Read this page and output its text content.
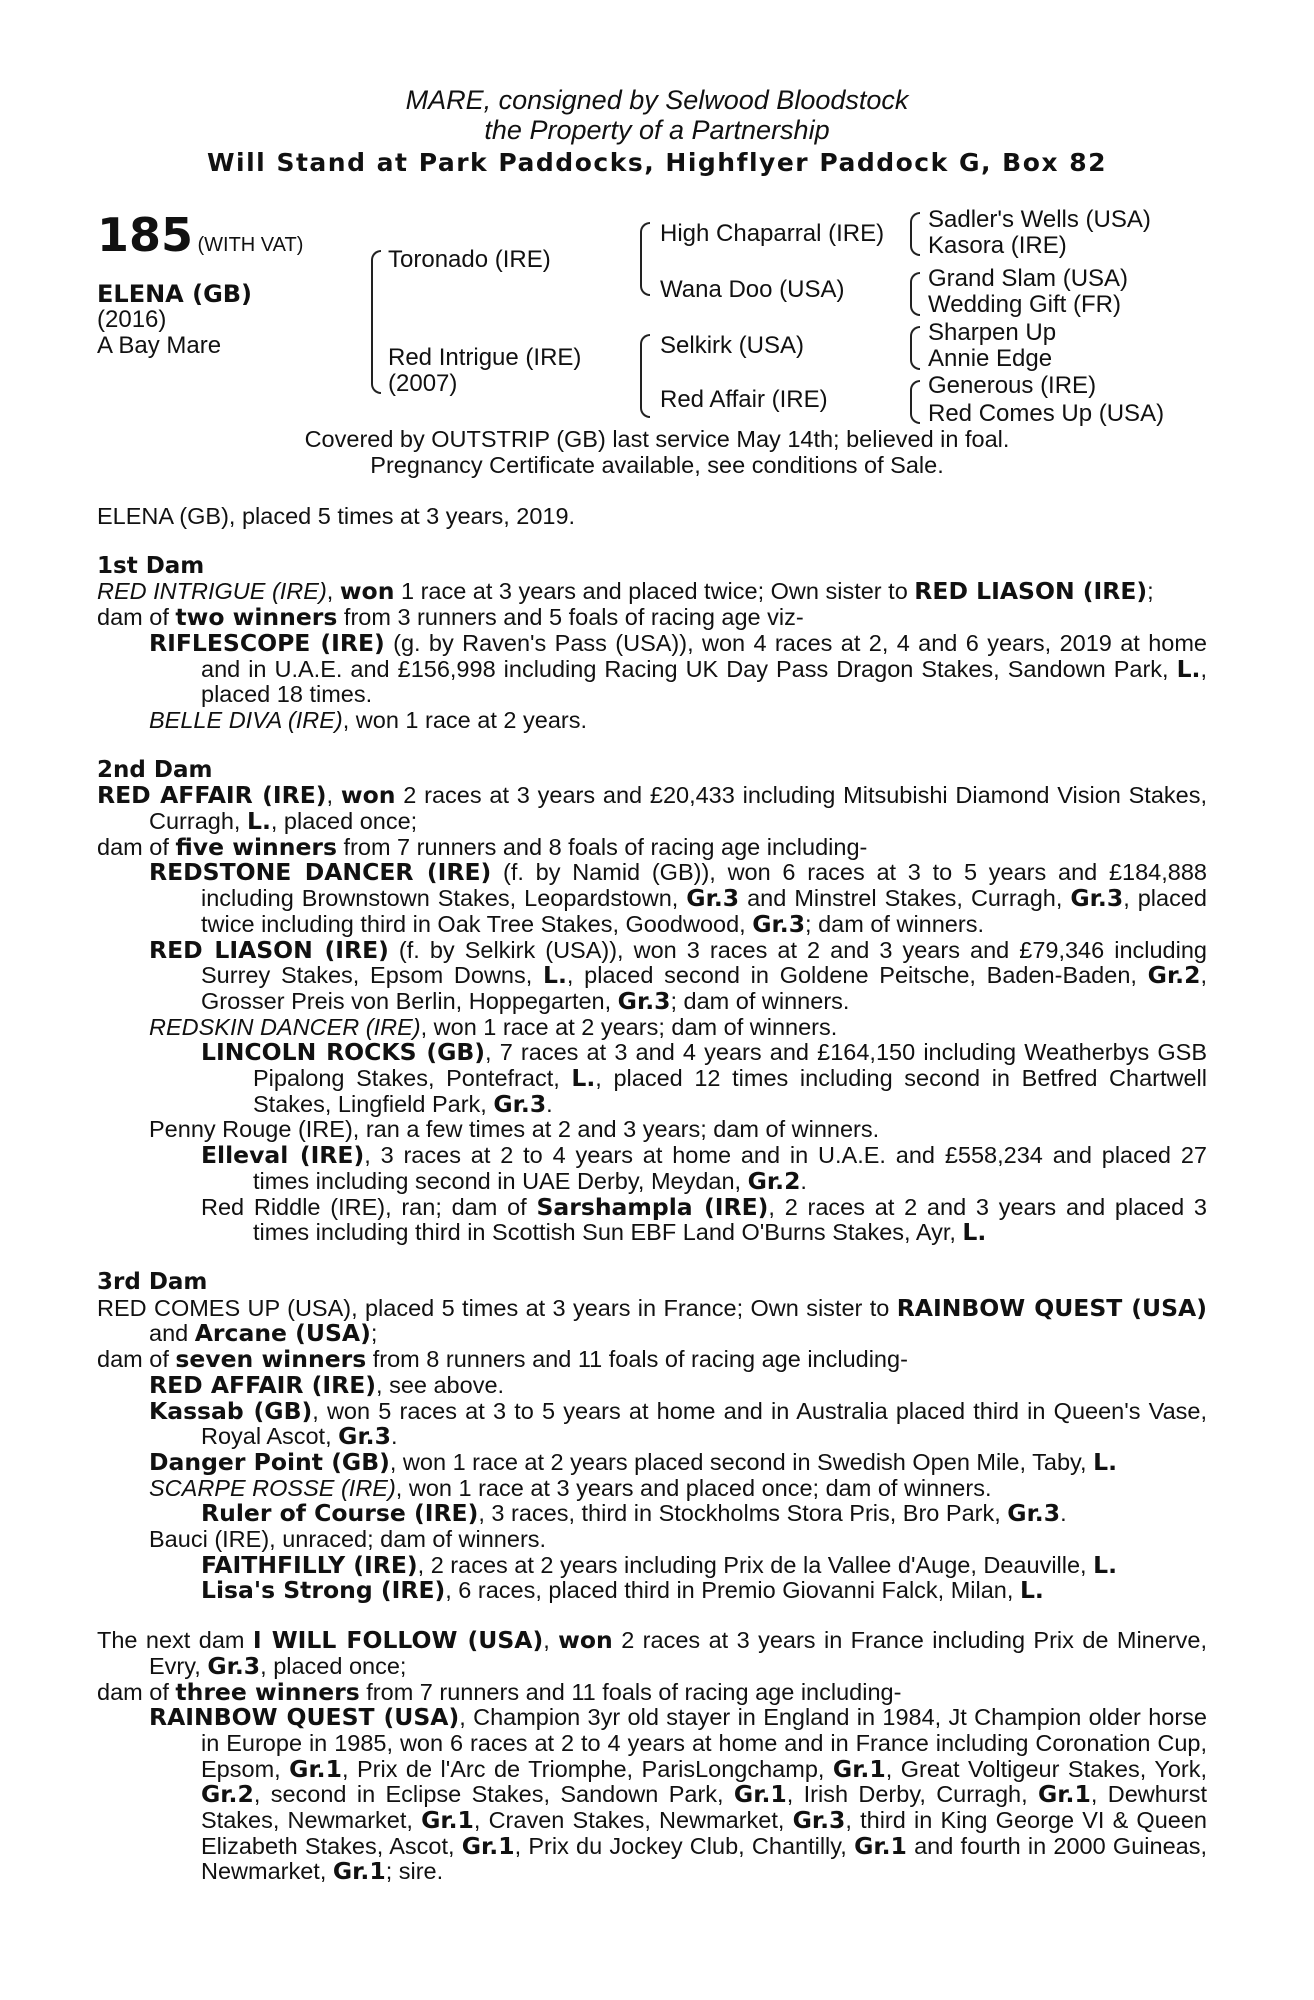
MARE, consigned by Selwood Bloodstock
the Property of a Partnership
Will Stand at Park Paddocks, Highflyer Paddock G, Box 82
185 (WITH VAT)
ELENA (GB)
(2016)
A Bay Mare
Toronado (IRE)
Red Intrigue (IRE)
(2007)
High Chaparral (IRE)
Wana Doo (USA)
Selkirk (USA)
Red Affair (IRE)
Sadler's Wells (USA)
Kasora (IRE)
Grand Slam (USA)
Wedding Gift (FR)
Sharpen Up
Annie Edge
Generous (IRE)
Red Comes Up (USA)
Covered by OUTSTRIP (GB) last service May 14th; believed in foal.
Pregnancy Certificate available, see conditions of Sale.

ELENA (GB), placed 5 times at 3 years, 2019.

1st Dam

RED INTRIGUE (IRE), won 1 race at 3 years and placed twice; Own sister to RED LIASON (IRE);

dam of two winners from 3 runners and 5 foals of racing age viz-

RIFLESCOPE (IRE) (g. by Raven's Pass (USA)), won 4 races at 2, 4 and 6 years, 2019 at home and in U.A.E. and £156,998 including Racing UK Day Pass Dragon Stakes, Sandown Park, L., placed 18 times.

BELLE DIVA (IRE), won 1 race at 2 years.

2nd Dam

RED AFFAIR (IRE), won 2 races at 3 years and £20,433 including Mitsubishi Diamond Vision Stakes, Curragh, L., placed once;

dam of five winners from 7 runners and 8 foals of racing age including-

REDSTONE DANCER (IRE) (f. by Namid (GB)), won 6 races at 3 to 5 years and £184,888 including Brownstown Stakes, Leopardstown, Gr.3 and Minstrel Stakes, Curragh, Gr.3, placed twice including third in Oak Tree Stakes, Goodwood, Gr.3; dam of winners.

RED LIASON (IRE) (f. by Selkirk (USA)), won 3 races at 2 and 3 years and £79,346 including Surrey Stakes, Epsom Downs, L., placed second in Goldene Peitsche, Baden-Baden, Gr.2, Grosser Preis von Berlin, Hoppegarten, Gr.3; dam of winners.

REDSKIN DANCER (IRE), won 1 race at 2 years; dam of winners.

LINCOLN ROCKS (GB), 7 races at 3 and 4 years and £164,150 including Weatherbys GSB Pipalong Stakes, Pontefract, L., placed 12 times including second in Betfred Chartwell Stakes, Lingfield Park, Gr.3.

Penny Rouge (IRE), ran a few times at 2 and 3 years; dam of winners.

Elleval (IRE), 3 races at 2 to 4 years at home and in U.A.E. and £558,234 and placed 27 times including second in UAE Derby, Meydan, Gr.2.

Red Riddle (IRE), ran; dam of Sarshampla (IRE), 2 races at 2 and 3 years and placed 3 times including third in Scottish Sun EBF Land O'Burns Stakes, Ayr, L.

3rd Dam

RED COMES UP (USA), placed 5 times at 3 years in France; Own sister to RAINBOW QUEST (USA) and Arcane (USA);

dam of seven winners from 8 runners and 11 foals of racing age including-

RED AFFAIR (IRE), see above.

Kassab (GB), won 5 races at 3 to 5 years at home and in Australia placed third in Queen's Vase, Royal Ascot, Gr.3.

Danger Point (GB), won 1 race at 2 years placed second in Swedish Open Mile, Taby, L.

SCARPE ROSSE (IRE), won 1 race at 3 years and placed once; dam of winners.

Ruler of Course (IRE), 3 races, third in Stockholms Stora Pris, Bro Park, Gr.3.

Bauci (IRE), unraced; dam of winners.

FAITHFILLY (IRE), 2 races at 2 years including Prix de la Vallee d'Auge, Deauville, L.

Lisa's Strong (IRE), 6 races, placed third in Premio Giovanni Falck, Milan, L.

The next dam I WILL FOLLOW (USA), won 2 races at 3 years in France including Prix de Minerve, Evry, Gr.3, placed once;

dam of three winners from 7 runners and 11 foals of racing age including-

RAINBOW QUEST (USA), Champion 3yr old stayer in England in 1984, Jt Champion older horse in Europe in 1985, won 6 races at 2 to 4 years at home and in France including Coronation Cup, Epsom, Gr.1, Prix de l'Arc de Triomphe, ParisLongchamp, Gr.1, Great Voltigeur Stakes, York, Gr.2, second in Eclipse Stakes, Sandown Park, Gr.1, Irish Derby, Curragh, Gr.1, Dewhurst Stakes, Newmarket, Gr.1, Craven Stakes, Newmarket, Gr.3, third in King George VI & Queen Elizabeth Stakes, Ascot, Gr.1, Prix du Jockey Club, Chantilly, Gr.1 and fourth in 2000 Guineas, Newmarket, Gr.1; sire.
